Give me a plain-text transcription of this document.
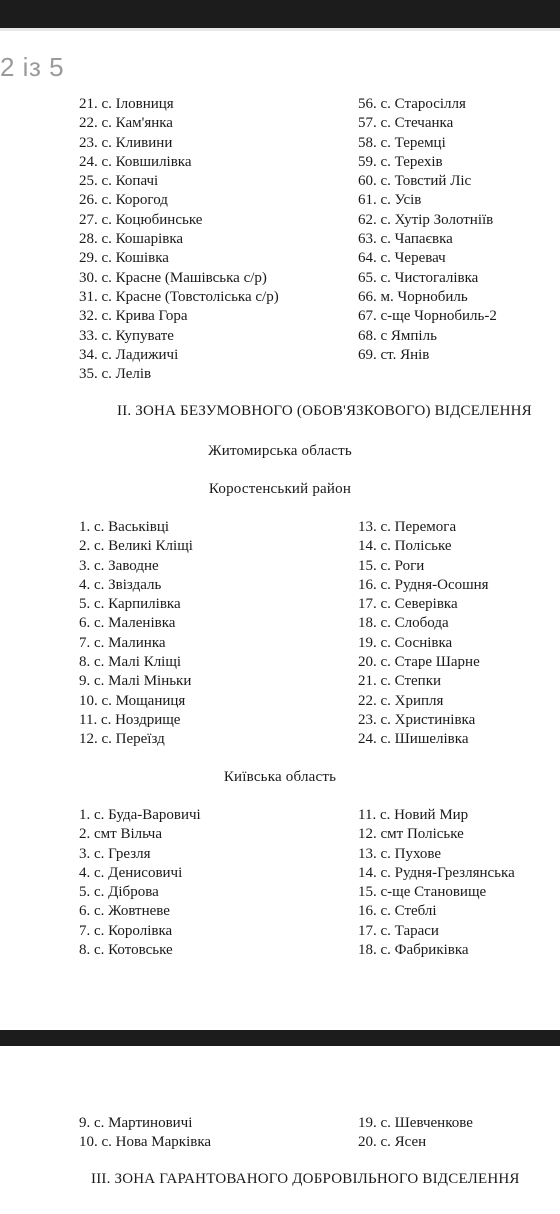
2 із 5
21. с. Іловниця
22. с. Кам'янка
23. с. Кливини
24. с. Ковшилівка
25. с. Копачі
26. с. Корогод
27. с. Коцюбинське
28. с. Кошарівка
29. с. Кошівка
30. с. Красне (Машівська с/р)
31. с. Красне (Товстоліська с/р)
32. с. Крива Гора
33. с. Купувате
34. с. Ладижичі
35. с. Лелів
56. с. Старосілля
57. с. Стечанка
58. с. Теремці
59. с. Терехів
60. с. Товстий Ліс
61. с. Усів
62. с. Хутір Золотніїв
63. с. Чапаєвка
64. с. Черевач
65. с. Чистогалівка
66. м. Чорнобиль
67. с-ще Чорнобиль-2
68. с Ямпіль
69. ст. Янів
II. ЗОНА БЕЗУМОВНОГО (ОБОВ'ЯЗКОВОГО) ВІДСЕЛЕННЯ
Житомирська область
Коростенський район
1. с. Васьківці
2. с. Великі Кліщі
3. с. Заводне
4. с. Звіздаль
5. с. Карпилівка
6. с. Маленівка
7. с. Малинка
8. с. Малі Кліщі
9. с. Малі Міньки
10. с. Мощаниця
11. с. Ноздрище
12. с. Переїзд
13. с. Перемога
14. с. Поліське
15. с. Роги
16. с. Рудня-Осошня
17. с. Северівка
18. с. Слобода
19. с. Соснівка
20. с. Старе Шарне
21. с. Степки
22. с. Хрипля
23. с. Христинівка
24. с. Шишелівка
Київська область
1. с. Буда-Варовичі
2. смт Вільча
3. с. Грезля
4. с. Денисовичі
5. с. Діброва
6. с. Жовтневе
7. с. Королівка
8. с. Котовське
11. с. Новий Мир
12. смт Поліське
13. с. Пухове
14. с. Рудня-Грезлянська
15. с-ще Становище
16. с. Стеблі
17. с. Тараси
18. с. Фабриківка
9. с. Мартиновичі
10. с. Нова Марківка
19. с. Шевченкове
20. с. Ясен
III. ЗОНА ГАРАНТОВАНОГО ДОБРОВІЛЬНОГО ВІДСЕЛЕННЯ
